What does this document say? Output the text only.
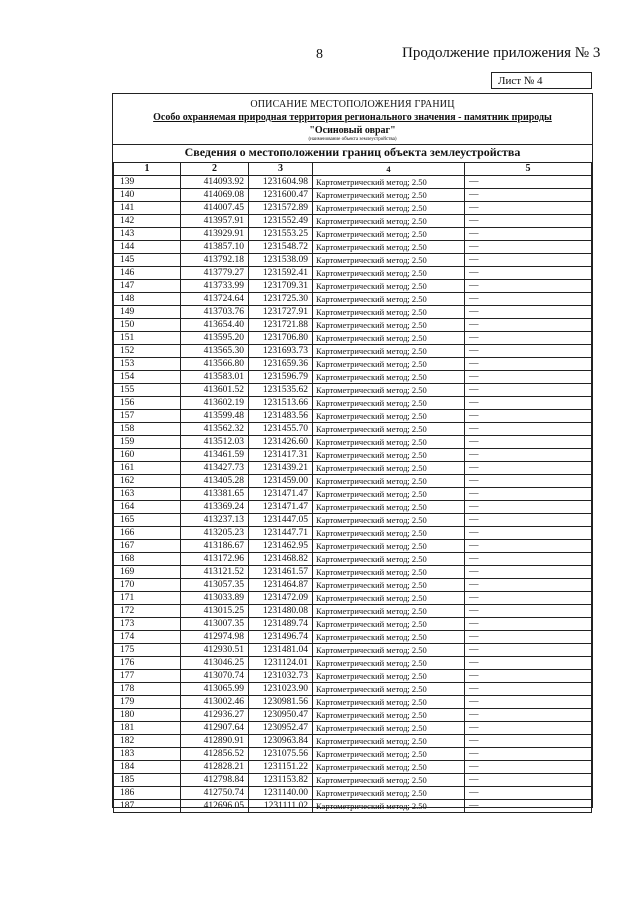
8	Продолжение приложения № 3
Лист № 4
ОПИСАНИЕ МЕСТОПОЛОЖЕНИЯ ГРАНИЦ
Особо охраняемая природная территория регионального значения - памятник природы
"Осиновый овраг"
(наименование объекта землеустройства)
Сведения о местоположении границ объекта землеустройства
1	2	3	4	5
139	414093.92	1231604.98	Картометрический метод; 2.50	—
140	414069.08	1231600.47	Картометрический метод; 2.50	—
141	414007.45	1231572.89	Картометрический метод; 2.50	—
142	413957.91	1231552.49	Картометрический метод; 2.50	—
143	413929.91	1231553.25	Картометрический метод; 2.50	—
144	413857.10	1231548.72	Картометрический метод; 2.50	—
145	413792.18	1231538.09	Картометрический метод; 2.50	—
146	413779.27	1231592.41	Картометрический метод; 2.50	—
147	413733.99	1231709.31	Картометрический метод; 2.50	—
148	413724.64	1231725.30	Картометрический метод; 2.50	—
149	413703.76	1231727.91	Картометрический метод; 2.50	—
150	413654.40	1231721.88	Картометрический метод; 2.50	—
151	413595.20	1231706.80	Картометрический метод; 2.50	—
152	413565.30	1231693.73	Картометрический метод; 2.50	—
153	413566.80	1231659.36	Картометрический метод; 2.50	—
154	413583.01	1231596.79	Картометрический метод; 2.50	—
155	413601.52	1231535.62	Картометрический метод; 2.50	—
156	413602.19	1231513.66	Картометрический метод; 2.50	—
157	413599.48	1231483.56	Картометрический метод; 2.50	—
158	413562.32	1231455.70	Картометрический метод; 2.50	—
159	413512.03	1231426.60	Картометрический метод; 2.50	—
160	413461.59	1231417.31	Картометрический метод; 2.50	—
161	413427.73	1231439.21	Картометрический метод; 2.50	—
162	413405.28	1231459.00	Картометрический метод; 2.50	—
163	413381.65	1231471.47	Картометрический метод; 2.50	—
164	413369.24	1231471.47	Картометрический метод; 2.50	—
165	413237.13	1231447.05	Картометрический метод; 2.50	—
166	413205.23	1231447.71	Картометрический метод; 2.50	—
167	413186.67	1231462.95	Картометрический метод; 2.50	—
168	413172.96	1231468.82	Картометрический метод; 2.50	—
169	413121.52	1231461.57	Картометрический метод; 2.50	—
170	413057.35	1231464.87	Картометрический метод; 2.50	—
171	413033.89	1231472.09	Картометрический метод; 2.50	—
172	413015.25	1231480.08	Картометрический метод; 2.50	—
173	413007.35	1231489.74	Картометрический метод; 2.50	—
174	412974.98	1231496.74	Картометрический метод; 2.50	—
175	412930.51	1231481.04	Картометрический метод; 2.50	—
176	413046.25	1231124.01	Картометрический метод; 2.50	—
177	413070.74	1231032.73	Картометрический метод; 2.50	—
178	413065.99	1231023.90	Картометрический метод; 2.50	—
179	413002.46	1230981.56	Картометрический метод; 2.50	—
180	412936.27	1230950.47	Картометрический метод; 2.50	—
181	412907.64	1230952.47	Картометрический метод; 2.50	—
182	412890.91	1230963.84	Картометрический метод; 2.50	—
183	412856.52	1231075.56	Картометрический метод; 2.50	—
184	412828.21	1231151.22	Картометрический метод; 2.50	—
185	412798.84	1231153.82	Картометрический метод; 2.50	—
186	412750.74	1231140.00	Картометрический метод; 2.50	—
187	412696.05	1231111.02	Картометрический метод; 2.50	—
